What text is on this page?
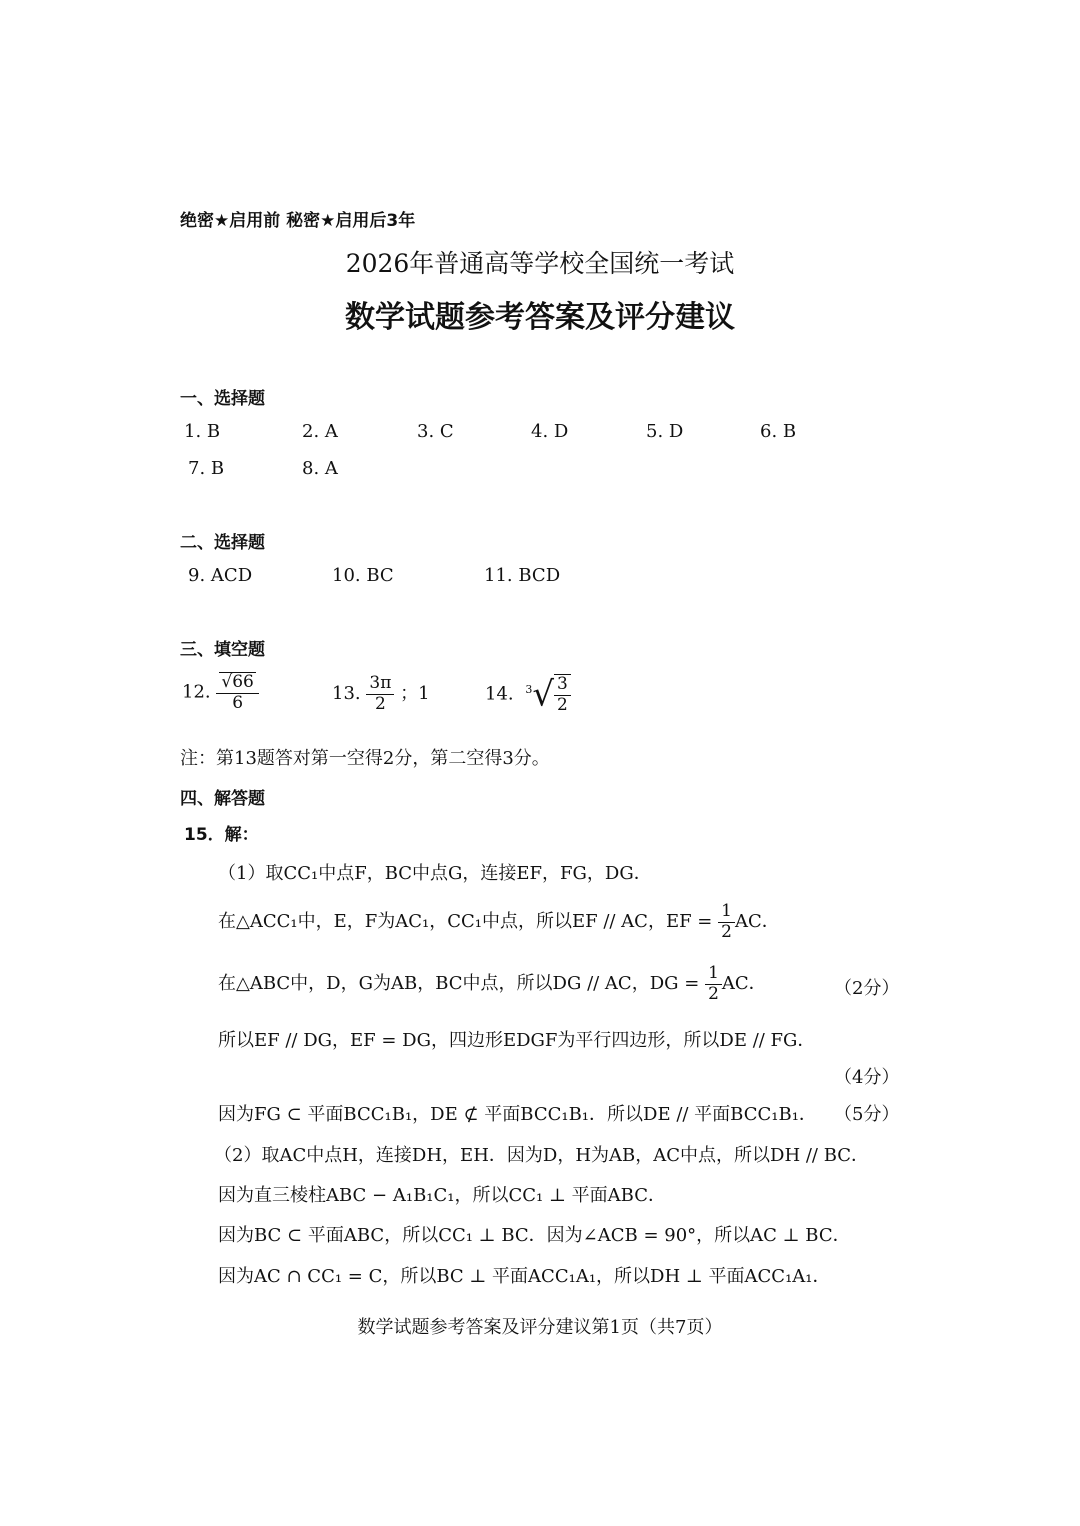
绝密★启用前 秘密★启用后3年
2026年普通高等学校全国统一考试
数学试题参考答案及评分建议
一、选择题
1. B	2. A	3. C	4. D	5. D	6. B
7. B	8. A
二、选择题
9. ACD	10. BC	11. BCD
三、填空题
12. $\frac{√66}{6}$	13. $\frac{3\pi}{2}$ ；1	14. $^3√ \frac{3}{2}$
注：第13题答对第一空得2分，第二空得3分。
四、解答题
15．解：
（1）取CC₁中点F，BC中点G，连接EF，FG，DG．
在△ACC₁中，E，F为AC₁，CC₁中点，所以EF // AC，EF = $\frac{1}{2}$ AC．
在△ABC中，D，G为AB，BC中点，所以DG // AC，DG = $\frac{1}{2}$ AC．	（2分）
所以EF // DG，EF = DG，四边形EDGF为平行四边形，所以DE // FG．
（4分）
因为FG ⊂ 平面BCC₁B₁，DE ⊄ 平面BCC₁B₁．所以DE // 平面BCC₁B₁． （5分）
（2）取AC中点H，连接DH，EH．因为D，H为AB，AC中点，所以DH // BC．
因为直三棱柱ABC − A₁B₁C₁，所以CC₁ ⊥ 平面ABC．
因为BC ⊂ 平面ABC，所以CC₁ ⊥ BC．因为∠ACB = 90°，所以AC ⊥ BC．
因为AC ∩ CC₁ = C，所以BC ⊥ 平面ACC₁A₁，所以DH ⊥ 平面ACC₁A₁．
数学试题参考答案及评分建议第1页（共7页）
